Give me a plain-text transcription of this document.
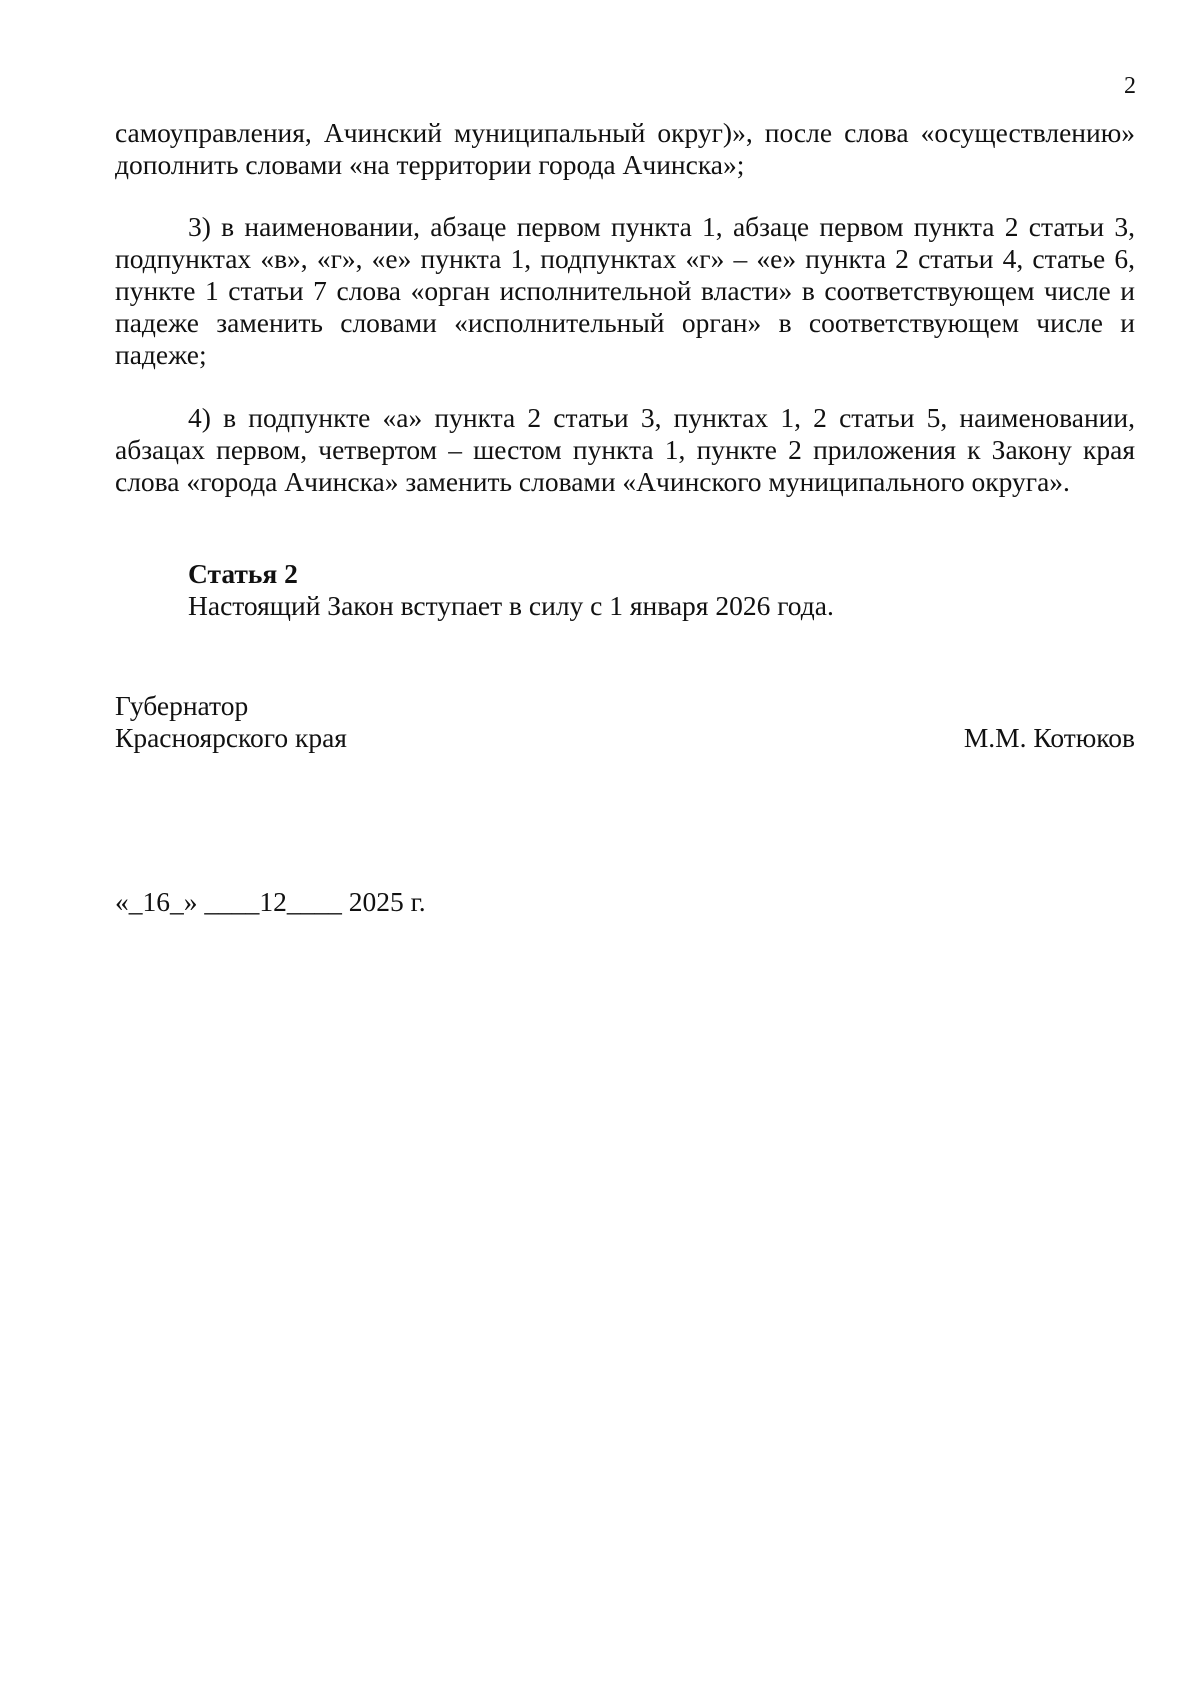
2

самоуправления, Ачинский муниципальный округ)», после слова «осуществлению» дополнить словами «на территории города Ачинска»;

3) в наименовании, абзаце первом пункта 1, абзаце первом пункта 2 статьи 3, подпунктах «в», «г», «е» пункта 1, подпунктах «г» – «е» пункта 2 статьи 4, статье 6, пункте 1 статьи 7 слова «орган исполнительной власти» в соответствующем числе и падеже заменить словами «исполнительный орган» в соответствующем числе и падеже;

4) в подпункте «а» пункта 2 статьи 3, пунктах 1, 2 статьи 5, наименовании, абзацах первом, четвертом – шестом пункта 1, пункте 2 приложения к Закону края слова «города Ачинска» заменить словами «Ачинского муниципального округа».

Статья 2

Настоящий Закон вступает в силу с 1 января 2026 года.

Губернатор
Красноярского края	М.М. Котюков
«_16_» ____12____ 2025 г.
